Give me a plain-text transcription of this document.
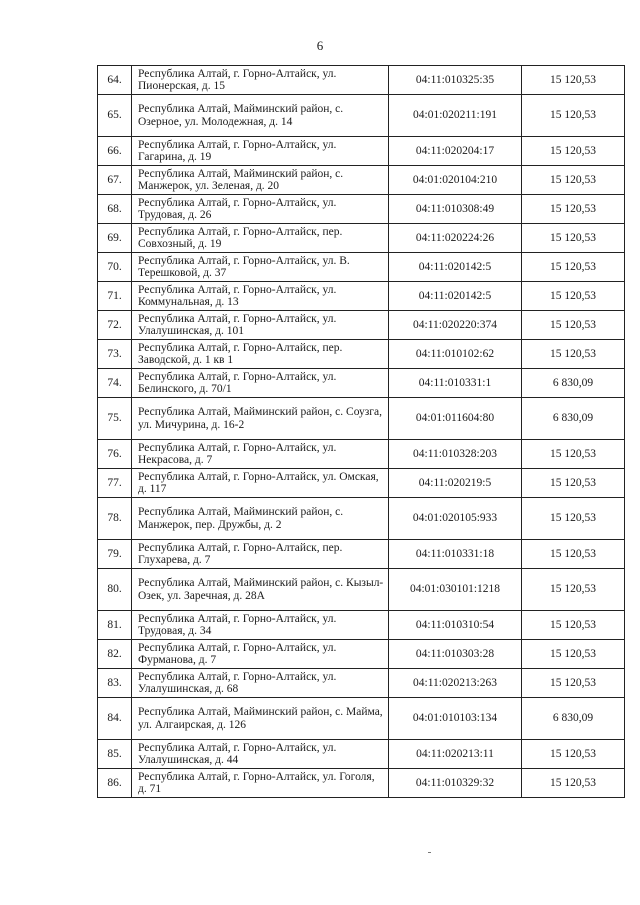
6
64.	Республика Алтай, г. Горно-Алтайск, ул. Пионерская, д. 15	04:11:010325:35	15 120,53
65.	Республика Алтай, Майминский район, с. Озерное, ул. Молодежная, д. 14	04:01:020211:191	15 120,53
66.	Республика Алтай, г. Горно-Алтайск, ул. Гагарина, д. 19	04:11:020204:17	15 120,53
67.	Республика Алтай, Майминский район, с. Манжерок, ул. Зеленая, д. 20	04:01:020104:210	15 120,53
68.	Республика Алтай, г. Горно-Алтайск, ул. Трудовая, д. 26	04:11:010308:49	15 120,53
69.	Республика Алтай, г. Горно-Алтайск, пер. Совхозный, д. 19	04:11:020224:26	15 120,53
70.	Республика Алтай, г. Горно-Алтайск, ул. В. Терешковой, д. 37	04:11:020142:5	15 120,53
71.	Республика Алтай, г. Горно-Алтайск, ул. Коммунальная, д. 13	04:11:020142:5	15 120,53
72.	Республика Алтай, г. Горно-Алтайск, ул. Улалушинская, д. 101	04:11:020220:374	15 120,53
73.	Республика Алтай, г. Горно-Алтайск, пер. Заводской, д. 1 кв 1	04:11:010102:62	15 120,53
74.	Республика Алтай, г. Горно-Алтайск, ул. Белинского, д. 70/1	04:11:010331:1	6 830,09
75.	Республика Алтай, Майминский район, с. Соузга, ул. Мичурина, д. 16-2	04:01:011604:80	6 830,09
76.	Республика Алтай, г. Горно-Алтайск, ул. Некрасова, д. 7	04:11:010328:203	15 120,53
77.	Республика Алтай, г. Горно-Алтайск, ул. Омская, д. 117	04:11:020219:5	15 120,53
78.	Республика Алтай, Майминский район, с. Манжерок, пер. Дружбы, д. 2	04:01:020105:933	15 120,53
79.	Республика Алтай, г. Горно-Алтайск, пер. Глухарева, д. 7	04:11:010331:18	15 120,53
80.	Республика Алтай, Майминский район, с. Кызыл-Озек, ул. Заречная, д. 28А	04:01:030101:1218	15 120,53
81.	Республика Алтай, г. Горно-Алтайск, ул. Трудовая, д. 34	04:11:010310:54	15 120,53
82.	Республика Алтай, г. Горно-Алтайск, ул. Фурманова, д. 7	04:11:010303:28	15 120,53
83.	Республика Алтай, г. Горно-Алтайск, ул. Улалушинская, д. 68	04:11:020213:263	15 120,53
84.	Республика Алтай, Майминский район, с. Майма, ул. Алгаирская, д. 126	04:01:010103:134	6 830,09
85.	Республика Алтай, г. Горно-Алтайск, ул. Улалушинская, д. 44	04:11:020213:11	15 120,53
86.	Республика Алтай, г. Горно-Алтайск, ул. Гоголя, д. 71	04:11:010329:32	15 120,53
